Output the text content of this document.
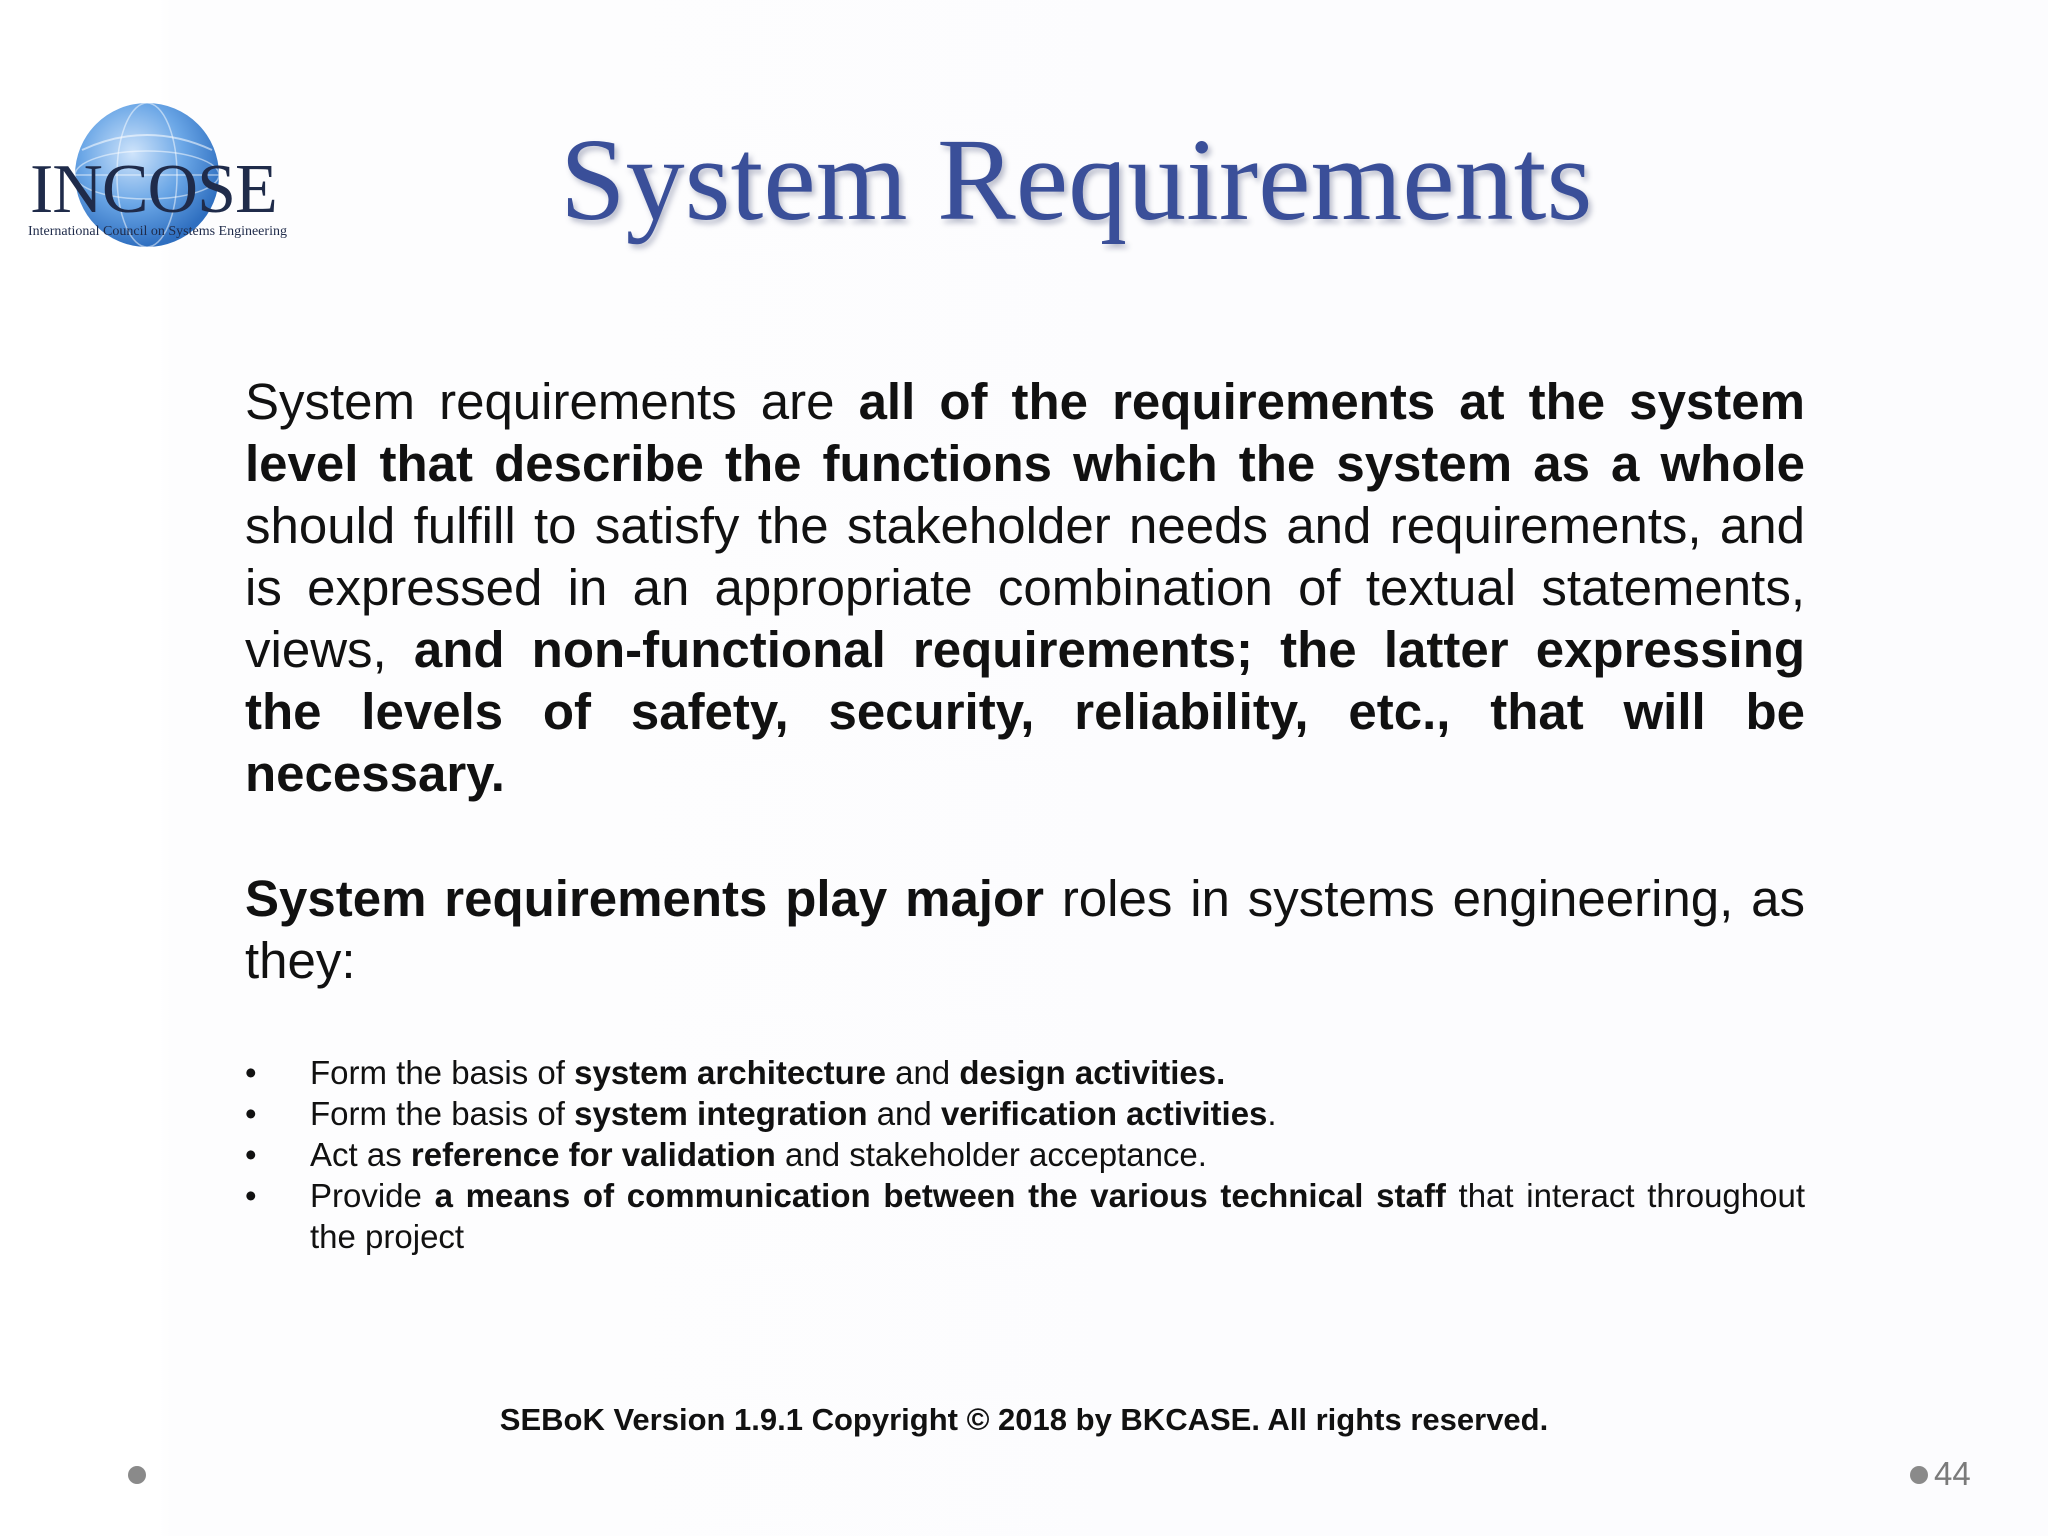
INCOSE
International Council on Systems Engineering System Requirements
System requirements are all of the requirements at the system level that describe the functions which the system as a whole should fulfill to satisfy the stakeholder needs and requirements, and is expressed in an appropriate combination of textual statements, views, and non-functional requirements; the latter expressing the levels of safety, security, reliability, etc., that will be necessary.
System requirements play major roles in systems engineering, as they:
• Form the basis of system architecture and design activities.
• Form the basis of system integration and verification activities.
• Act as reference for validation and stakeholder acceptance.
• Provide a means of communication between the various technical staff that interact throughout the project
SEBoK Version 1.9.1 Copyright © 2018 by BKCASE. All rights reserved.
44
